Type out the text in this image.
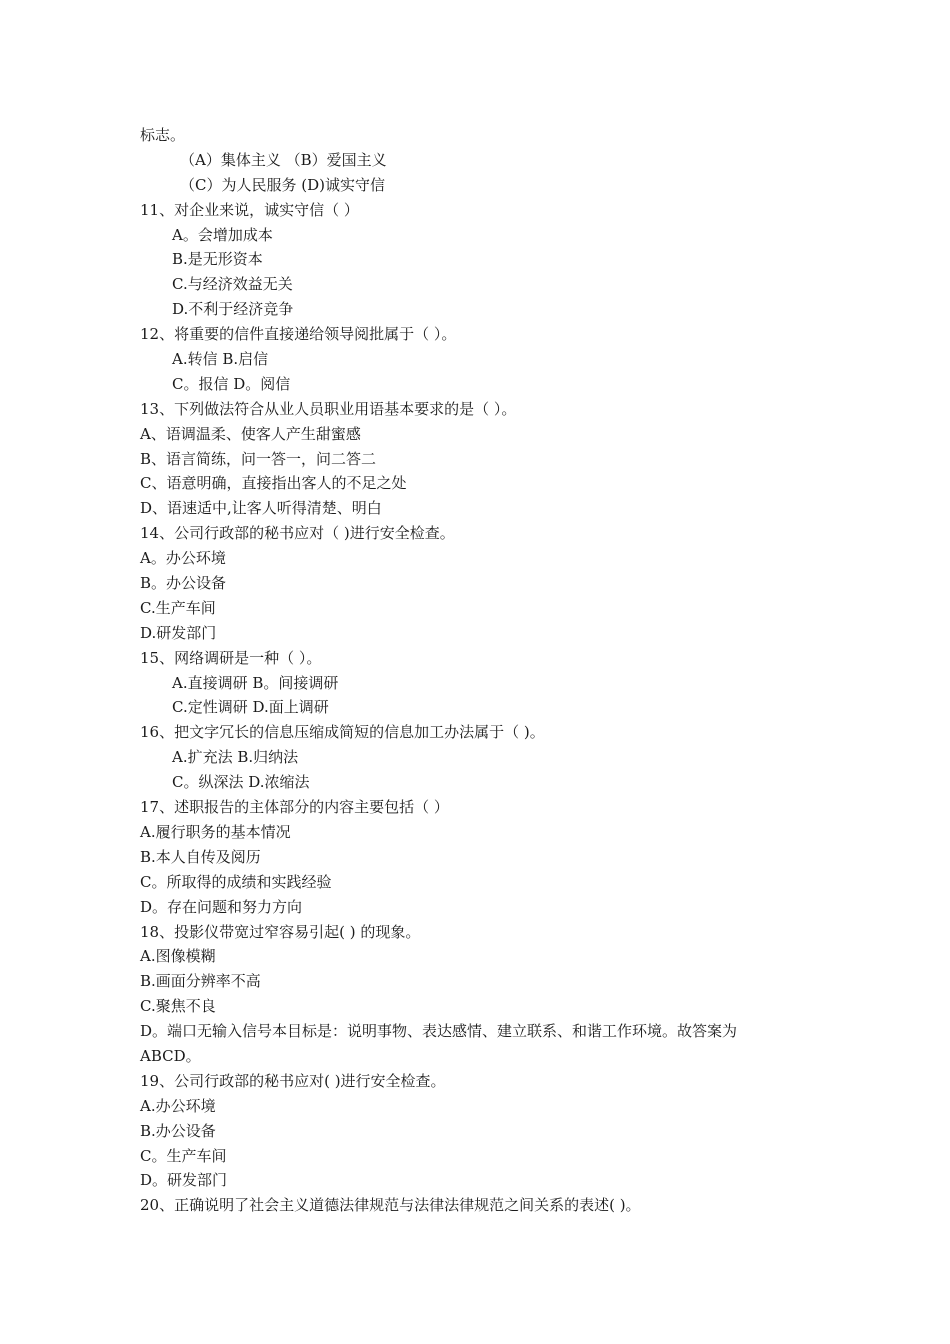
标志。
（A）集体主义 （B）爱国主义
（C）为人民服务 (D)诚实守信
11、对企业来说，诚实守信（ ）
A。会增加成本
B.是无形资本
C.与经济效益无关
D.不利于经济竞争
12、将重要的信件直接递给领导阅批属于（ ）。
A.转信 B.启信
C。报信 D。阅信
13、下列做法符合从业人员职业用语基本要求的是（ ）。
A、语调温柔、使客人产生甜蜜感
B、语言简练，问一答一，问二答二
C、语意明确，直接指出客人的不足之处
D、语速适中,让客人听得清楚、明白
14、公司行政部的秘书应对（ )进行安全检查。
A。办公环境
B。办公设备
C.生产车间
D.研发部门
15、网络调研是一种（ ）。
A.直接调研 B。间接调研
C.定性调研 D.面上调研
16、把文字冗长的信息压缩成简短的信息加工办法属于（ )。
A.扩充法 B.归纳法
C。纵深法 D.浓缩法
17、述职报告的主体部分的内容主要包括（ ）
A.履行职务的基本情况
B.本人自传及阅历
C。所取得的成绩和实践经验
D。存在问题和努力方向
18、投影仪带宽过窄容易引起( ) 的现象。
A.图像模糊
B.画面分辨率不高
C.聚焦不良
D。端口无输入信号本目标是：说明事物、表达感情、建立联系、和谐工作环境。故答案为
ABCD。
19、公司行政部的秘书应对( )进行安全检查。
A.办公环境
B.办公设备
C。生产车间
D。研发部门
20、正确说明了社会主义道德法律规范与法律法律规范之间关系的表述( )。
